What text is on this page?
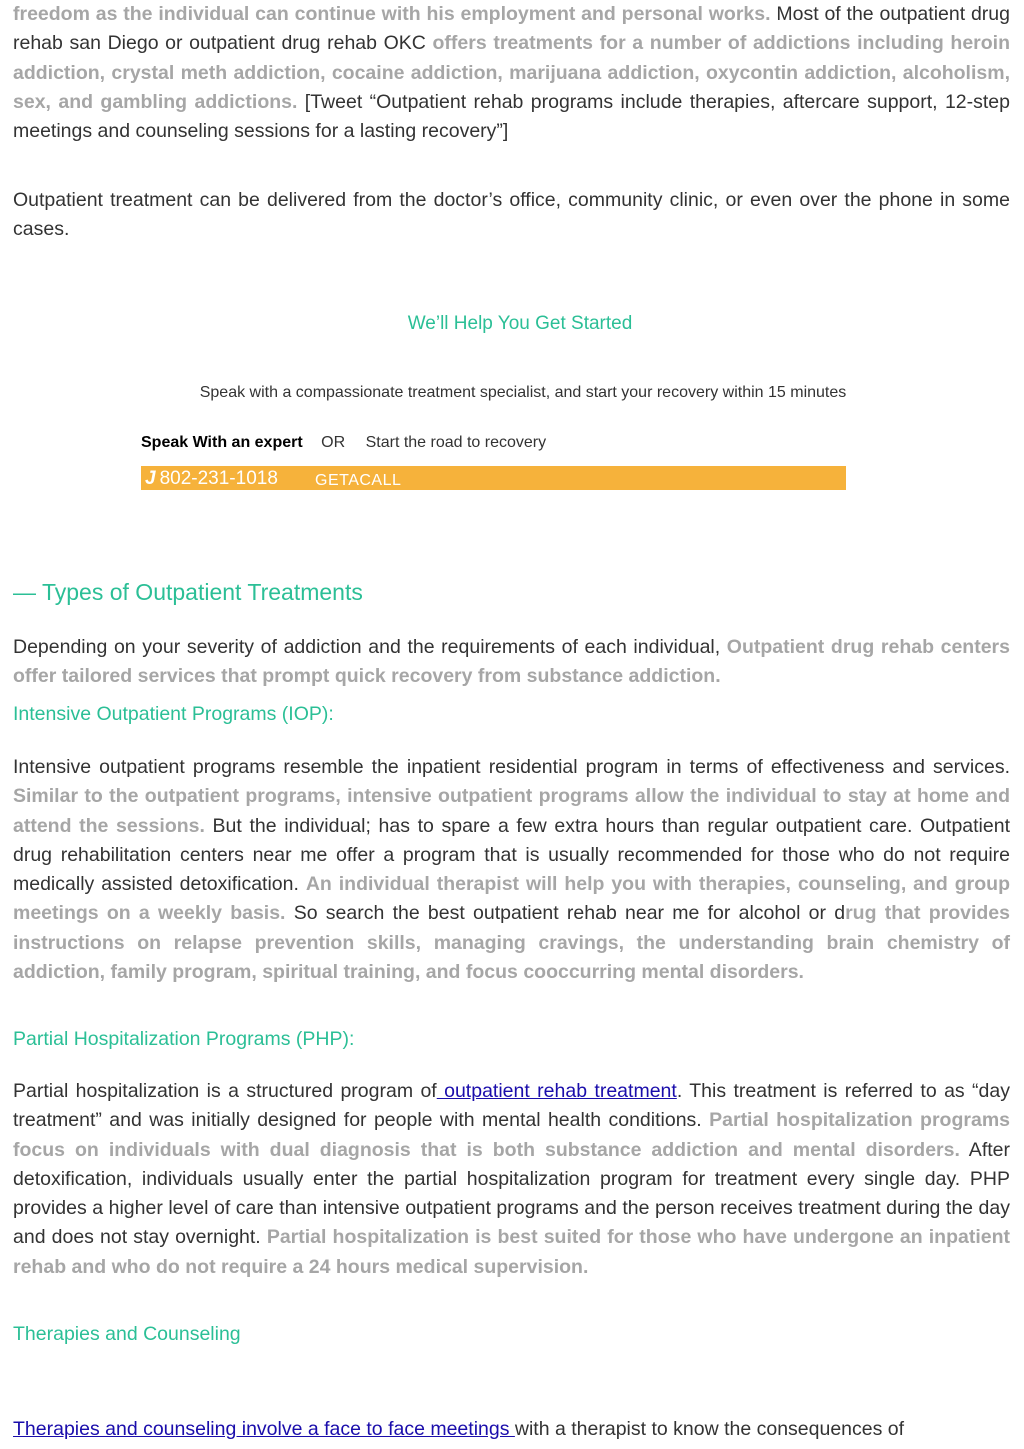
freedom as the individual can continue with his employment and personal works. Most of the outpatient drug rehab san Diego or outpatient drug rehab OKC offers treatments for a number of addictions including heroin addiction, crystal meth addiction, cocaine addiction, marijuana addiction, oxycontin addiction, alcoholism, sex, and gambling addictions. [Tweet “Outpatient rehab programs include therapies, aftercare support, 12-step meetings and counseling sessions for a lasting recovery”]

Outpatient treatment can be delivered from the doctor’s office, community clinic, or even over the phone in some cases.

We’ll Help You Get Started
Speak with a compassionate treatment specialist, and start your recovery within 15 minutes
Speak With an expert OR Start the road to recovery
J 802-231-1018 GETACALL
— Types of Outpatient Treatments

Depending on your severity of addiction and the requirements of each individual, Outpatient drug rehab centers offer tailored services that prompt quick recovery from substance addiction.

Intensive Outpatient Programs (IOP):

Intensive outpatient programs resemble the inpatient residential program in terms of effectiveness and services. Similar to the outpatient programs, intensive outpatient programs allow the individual to stay at home and attend the sessions. But the individual; has to spare a few extra hours than regular outpatient care. Outpatient drug rehabilitation centers near me offer a program that is usually recommended for those who do not require medically assisted detoxification. An individual therapist will help you with therapies, counseling, and group meetings on a weekly basis. So search the best outpatient rehab near me for alcohol or drug that provides instructions on relapse prevention skills, managing cravings, the understanding brain chemistry of addiction, family program, spiritual training, and focus cooccurring mental disorders.

Partial Hospitalization Programs (PHP):

Partial hospitalization is a structured program of outpatient rehab treatment. This treatment is referred to as “day treatment” and was initially designed for people with mental health conditions. Partial hospitalization programs focus on individuals with dual diagnosis that is both substance addiction and mental disorders. After detoxification, individuals usually enter the partial hospitalization program for treatment every single day. PHP provides a higher level of care than intensive outpatient programs and the person receives treatment during the day and does not stay overnight. Partial hospitalization is best suited for those who have undergone an inpatient rehab and who do not require a 24 hours medical supervision.

Therapies and Counseling

Therapies and counseling involve a face to face meetings with a therapist to know the consequences of
